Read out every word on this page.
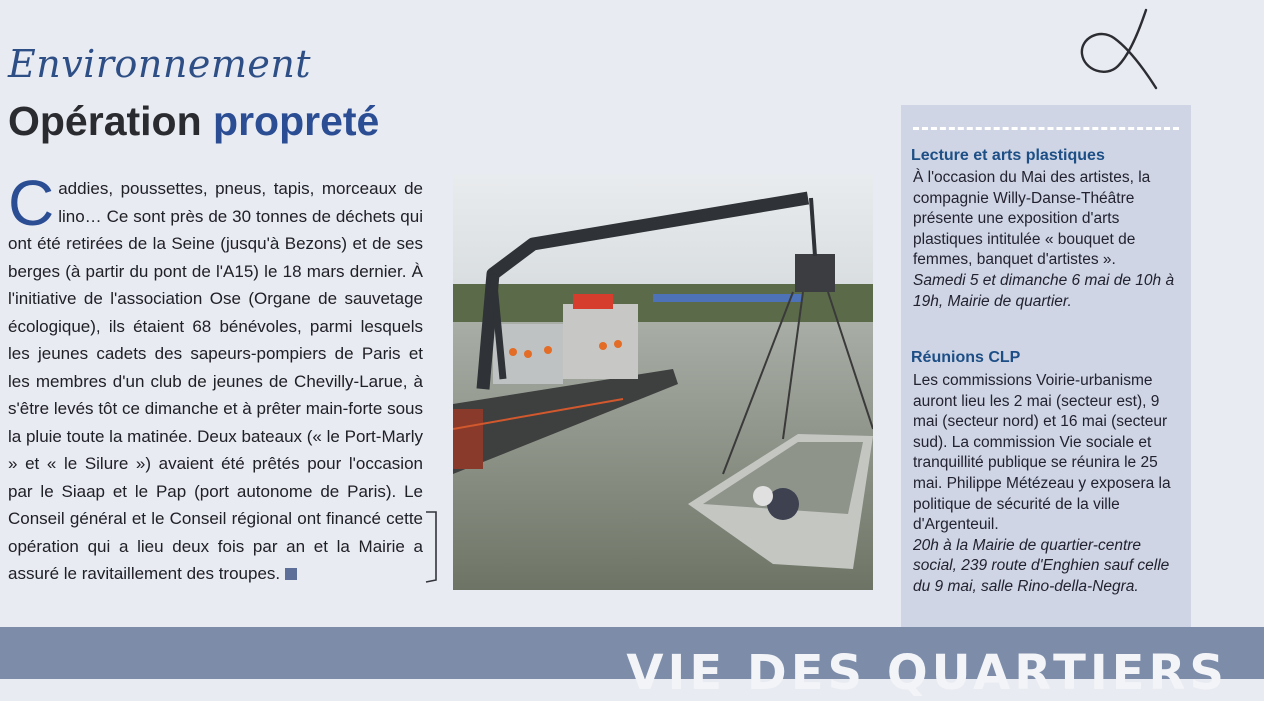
Environnement
Opération propreté
Caddies, poussettes, pneus, tapis, morceaux de lino… Ce sont près de 30 tonnes de déchets qui ont été retirées de la Seine (jusqu'à Bezons) et de ses berges (à partir du pont de l'A15) le 18 mars dernier. À l'initiative de l'association Ose (Organe de sauvetage écologique), ils étaient 68 bénévoles, parmi lesquels les jeunes cadets des sapeurs-pompiers de Paris et les membres d'un club de jeunes de Chevilly-Larue, à s'être levés tôt ce dimanche et à prêter main-forte sous la pluie toute la matinée. Deux bateaux (« le Port-Marly » et « le Silure ») avaient été prêtés pour l'occasion par le Siaap et le Pap (port autonome de Paris). Le Conseil général et le Conseil régional ont financé cette opération qui a lieu deux fois par an et la Mairie a assuré le ravitaillement des troupes.
Lecture et arts plastiques
À l'occasion du Mai des artistes, la compagnie Willy-Danse-Théâtre présente une exposition d'arts plastiques intitulée « bouquet de femmes, banquet d'artistes ».
Samedi 5 et dimanche 6 mai de 10h à 19h, Mairie de quartier.
Réunions CLP
Les commissions Voirie-urbanisme auront lieu les 2 mai (secteur est), 9 mai (secteur nord) et 16 mai (secteur sud). La commission Vie sociale et tranquillité publique se réunira le 25 mai. Philippe Métézeau y exposera la politique de sécurité de la ville d'Argenteuil.
20h à la Mairie de quartier-centre social, 239 route d'Enghien sauf celle du 9 mai, salle Rino-della-Negra.
VIE DES QUARTIERS
